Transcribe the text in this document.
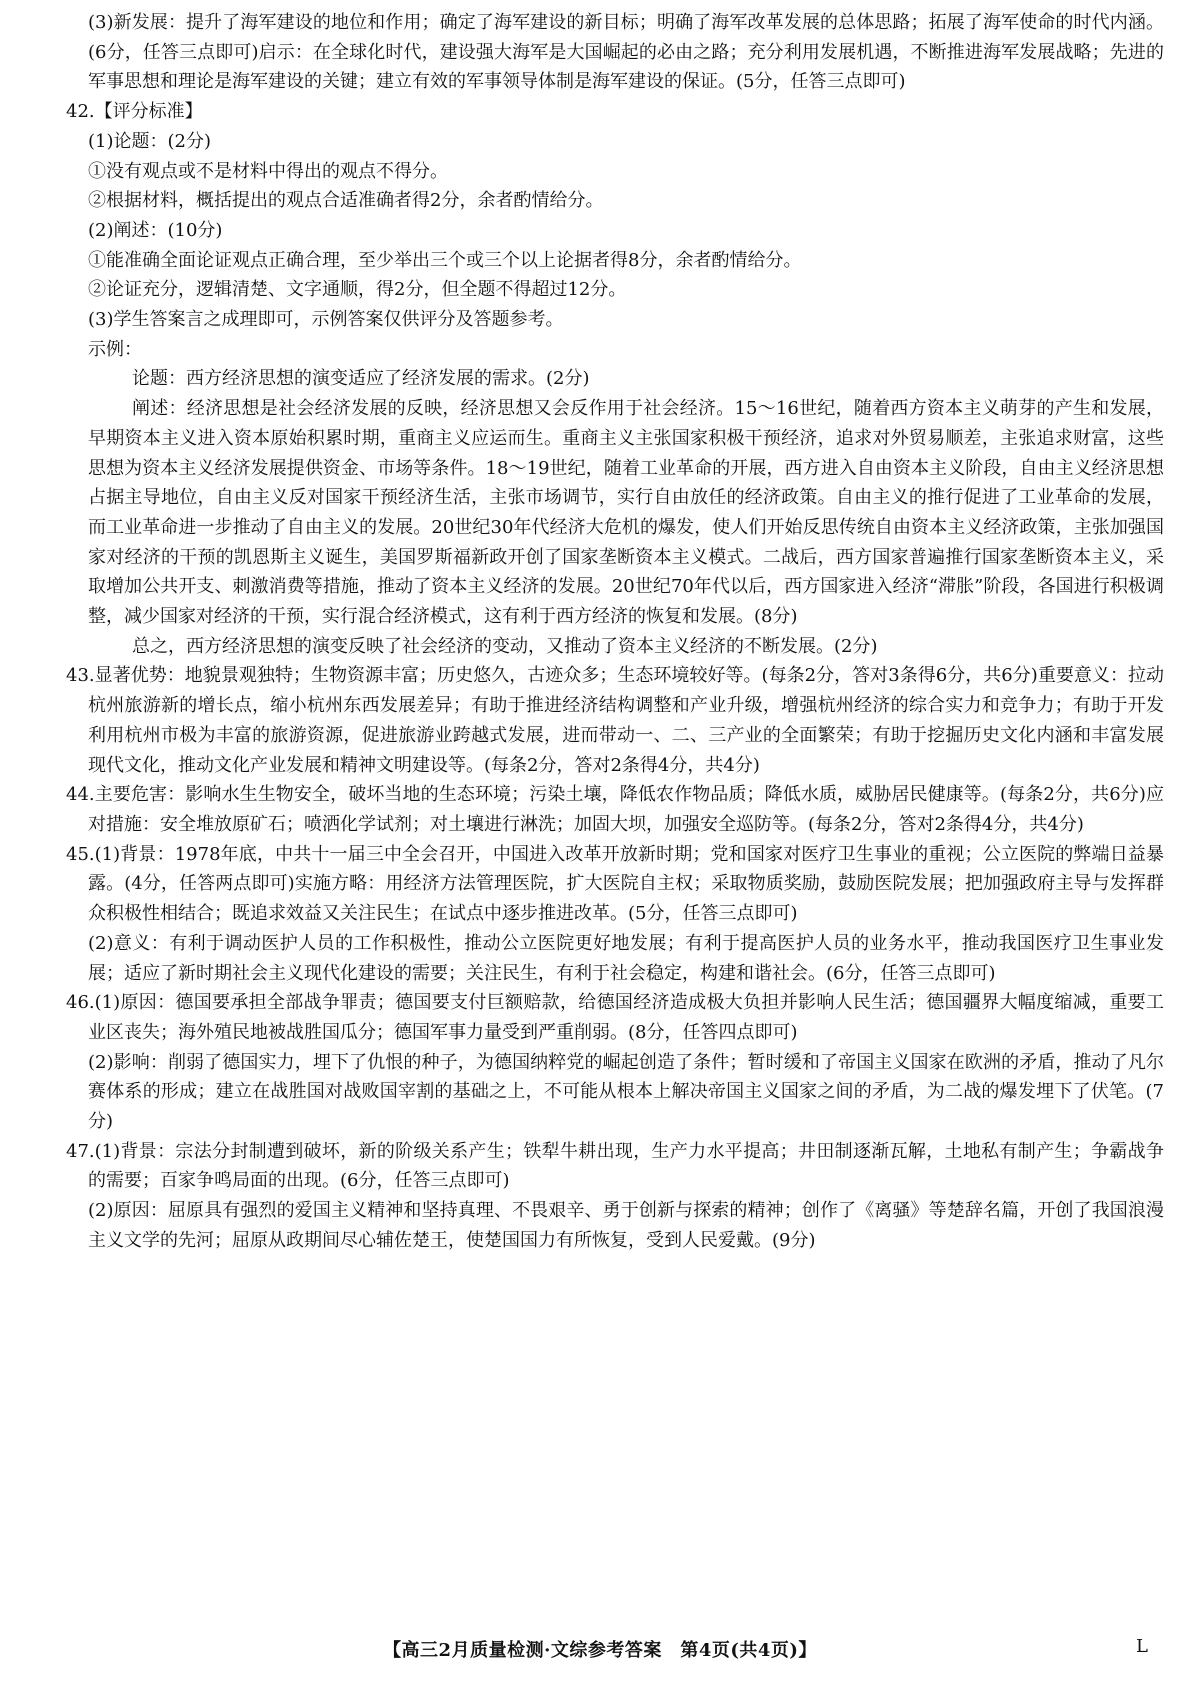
(3)新发展：提升了海军建设的地位和作用；确定了海军建设的新目标；明确了海军改革发展的总体思路；拓展了海军使命的时代内涵。(6分，任答三点即可)启示：在全球化时代，建设强大海军是大国崛起的必由之路；充分利用发展机遇，不断推进海军发展战略；先进的军事思想和理论是海军建设的关键；建立有效的军事领导体制是海军建设的保证。(5分，任答三点即可)

42.【评分标准】

(1)论题：(2分)

①没有观点或不是材料中得出的观点不得分。

②根据材料，概括提出的观点合适准确者得2分，余者酌情给分。

(2)阐述：(10分)

①能准确全面论证观点正确合理，至少举出三个或三个以上论据者得8分，余者酌情给分。

②论证充分，逻辑清楚、文字通顺，得2分，但全题不得超过12分。

(3)学生答案言之成理即可，示例答案仅供评分及答题参考。

示例：

论题：西方经济思想的演变适应了经济发展的需求。(2分)

阐述：经济思想是社会经济发展的反映，经济思想又会反作用于社会经济。15～16世纪，随着西方资本主义萌芽的产生和发展，早期资本主义进入资本原始积累时期，重商主义应运而生。重商主义主张国家积极干预经济，追求对外贸易顺差，主张追求财富，这些思想为资本主义经济发展提供资金、市场等条件。18～19世纪，随着工业革命的开展，西方进入自由资本主义阶段，自由主义经济思想占据主导地位，自由主义反对国家干预经济生活，主张市场调节，实行自由放任的经济政策。自由主义的推行促进了工业革命的发展，而工业革命进一步推动了自由主义的发展。20世纪30年代经济大危机的爆发，使人们开始反思传统自由资本主义经济政策，主张加强国家对经济的干预的凯恩斯主义诞生，美国罗斯福新政开创了国家垄断资本主义模式。二战后，西方国家普遍推行国家垄断资本主义，采取增加公共开支、刺激消费等措施，推动了资本主义经济的发展。20世纪70年代以后，西方国家进入经济“滞胀”阶段，各国进行积极调整，减少国家对经济的干预，实行混合经济模式，这有利于西方经济的恢复和发展。(8分)

总之，西方经济思想的演变反映了社会经济的变动，又推动了资本主义经济的不断发展。(2分)

43.显著优势：地貌景观独特；生物资源丰富；历史悠久，古迹众多；生态环境较好等。(每条2分，答对3条得6分，共6分)重要意义：拉动杭州旅游新的增长点，缩小杭州东西发展差异；有助于推进经济结构调整和产业升级，增强杭州经济的综合实力和竞争力；有助于开发利用杭州市极为丰富的旅游资源，促进旅游业跨越式发展，进而带动一、二、三产业的全面繁荣；有助于挖掘历史文化内涵和丰富发展现代文化，推动文化产业发展和精神文明建设等。(每条2分，答对2条得4分，共4分)

44.主要危害：影响水生生物安全，破坏当地的生态环境；污染土壤，降低农作物品质；降低水质，威胁居民健康等。(每条2分，共6分)应对措施：安全堆放原矿石；喷洒化学试剂；对土壤进行淋洗；加固大坝，加强安全巡防等。(每条2分，答对2条得4分，共4分)

45.(1)背景：1978年底，中共十一届三中全会召开，中国进入改革开放新时期；党和国家对医疗卫生事业的重视；公立医院的弊端日益暴露。(4分，任答两点即可)实施方略：用经济方法管理医院，扩大医院自主权；采取物质奖励，鼓励医院发展；把加强政府主导与发挥群众积极性相结合；既追求效益又关注民生；在试点中逐步推进改革。(5分，任答三点即可)

(2)意义：有利于调动医护人员的工作积极性，推动公立医院更好地发展；有利于提高医护人员的业务水平，推动我国医疗卫生事业发展；适应了新时期社会主义现代化建设的需要；关注民生，有利于社会稳定，构建和谐社会。(6分，任答三点即可)

46.(1)原因：德国要承担全部战争罪责；德国要支付巨额赔款，给德国经济造成极大负担并影响人民生活；德国疆界大幅度缩减，重要工业区丧失；海外殖民地被战胜国瓜分；德国军事力量受到严重削弱。(8分，任答四点即可)

(2)影响：削弱了德国实力，埋下了仇恨的种子，为德国纳粹党的崛起创造了条件；暂时缓和了帝国主义国家在欧洲的矛盾，推动了凡尔赛体系的形成；建立在战胜国对战败国宰割的基础之上，不可能从根本上解决帝国主义国家之间的矛盾，为二战的爆发埋下了伏笔。(7分)

47.(1)背景：宗法分封制遭到破坏，新的阶级关系产生；铁犁牛耕出现，生产力水平提高；井田制逐渐瓦解，土地私有制产生；争霸战争的需要；百家争鸣局面的出现。(6分，任答三点即可)

(2)原因：屈原具有强烈的爱国主义精神和坚持真理、不畏艰辛、勇于创新与探索的精神；创作了《离骚》等楚辞名篇，开创了我国浪漫主义文学的先河；屈原从政期间尽心辅佐楚王，使楚国国力有所恢复，受到人民爱戴。(9分)

【高三2月质量检测·文综参考答案　第4页(共4页)】	L
